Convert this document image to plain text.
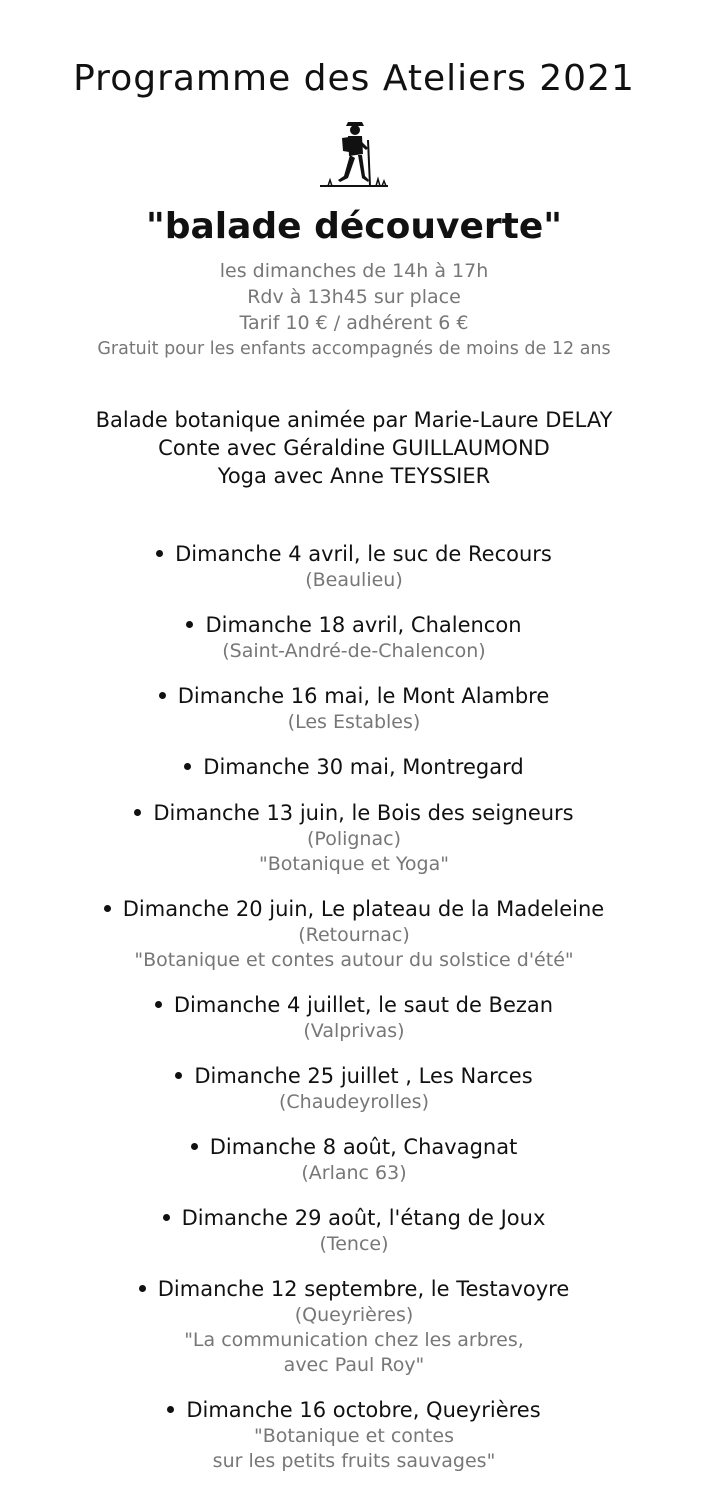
Programme des Ateliers 2021
"balade découverte"
les dimanches de 14h à 17h
Rdv à 13h45 sur place
Tarif 10 € / adhérent 6 €
Gratuit pour les enfants accompagnés de moins de 12 ans
Balade botanique animée par Marie-Laure DELAY
Conte avec Géraldine GUILLAUMOND
Yoga avec Anne TEYSSIER
Dimanche 4 avril, le suc de Recours
(Beaulieu)
Dimanche 18 avril, Chalencon
(Saint-André-de-Chalencon)
Dimanche 16 mai, le Mont Alambre
(Les Estables)
Dimanche 30 mai, Montregard
Dimanche 13 juin, le Bois des seigneurs
(Polignac)
"Botanique et Yoga"
Dimanche 20 juin, Le plateau de la Madeleine
(Retournac)
"Botanique et contes autour du solstice d'été"
Dimanche 4 juillet, le saut de Bezan
(Valprivas)
Dimanche 25 juillet , Les Narces
(Chaudeyrolles)
Dimanche 8 août, Chavagnat
(Arlanc 63)
Dimanche 29 août, l'étang de Joux
(Tence)
Dimanche 12 septembre, le Testavoyre
(Queyrières)
"La communication chez les arbres,
avec Paul Roy"
Dimanche 16 octobre, Queyrières
"Botanique et contes
sur les petits fruits sauvages"
